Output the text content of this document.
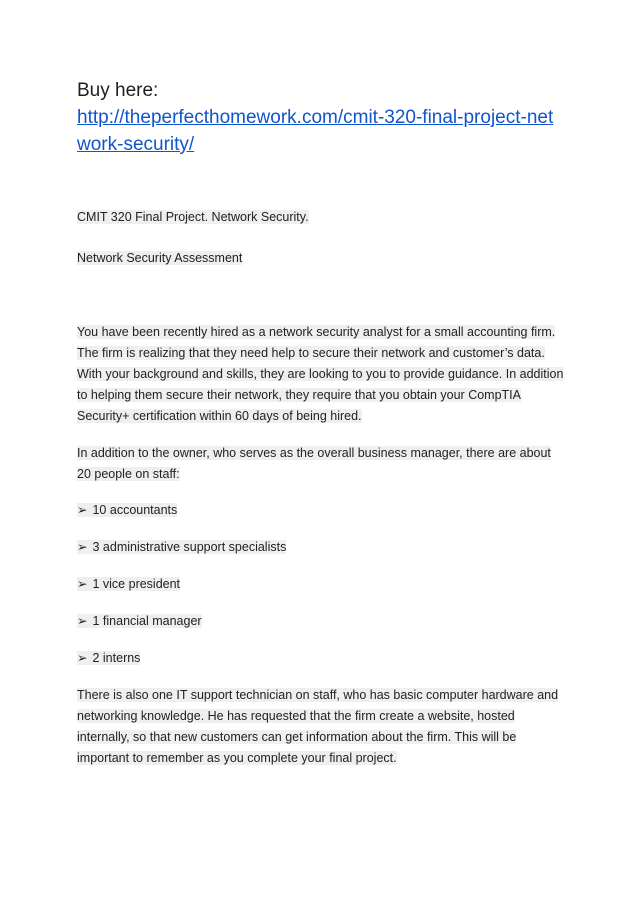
Buy here:

http://theperfecthomework.com/cmit-320-final-project-network-security/

CMIT 320 Final Project. Network Security.

Network Security Assessment

You have been recently hired as a network security analyst for a small accounting firm. The firm is realizing that they need help to secure their network and customer’s data. With your background and skills, they are looking to you to provide guidance. In addition to helping them secure their network, they require that you obtain your CompTIA Security+ certification within 60 days of being hired.

In addition to the owner, who serves as the overall business manager, there are about 20 people on staff:

➢ 10 accountants
➢ 3 administrative support specialists
➢ 1 vice president
➢ 1 financial manager
➢ 2 interns

There is also one IT support technician on staff, who has basic computer hardware and networking knowledge. He has requested that the firm create a website, hosted internally, so that new customers can get information about the firm. This will be important to remember as you complete your final project.
